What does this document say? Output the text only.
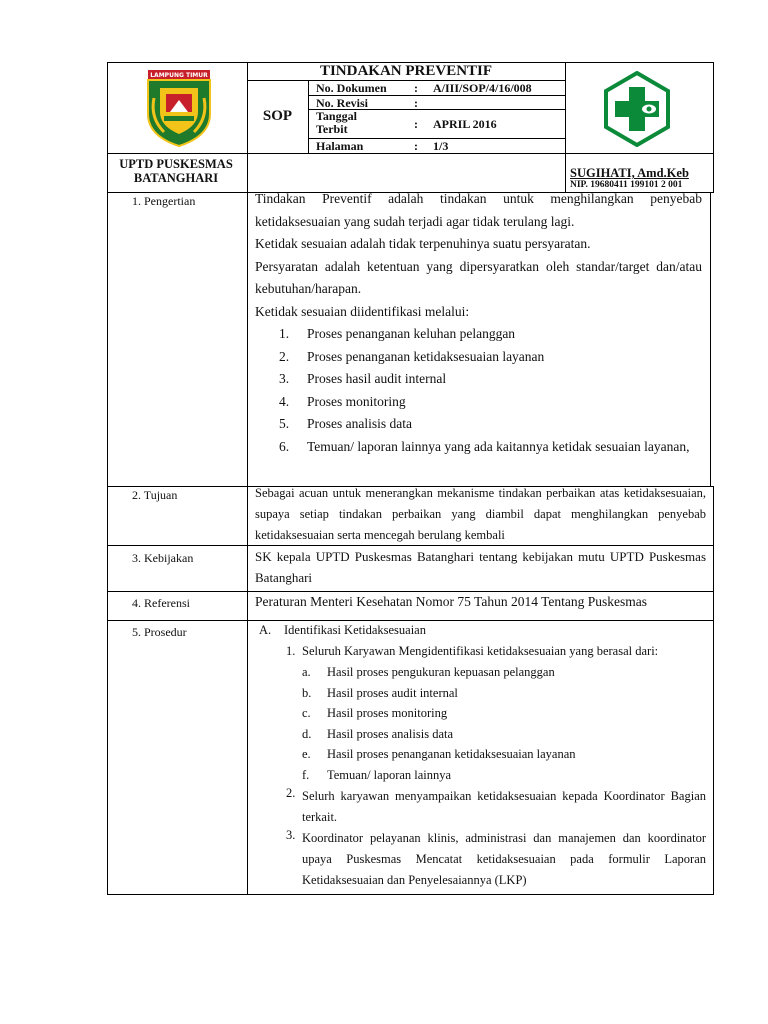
LAMPUNG TIMUR	TINDAKAN PREVENTIF
SOP
No. Dokumen : A/III/SOP/4/16/008
No. Revisi	:
Tanggal Terbit	: APRIL 2016
Halaman	: 1/3
UPTD PUSKESMAS BATANGHARI	SUGIHATI, Amd.Keb
NIP. 19680411 199101 2 001
1. Pengertian	Tindakan Preventif adalah tindakan untuk menghilangkan penyebab ketidaksesuaian yang sudah terjadi agar tidak terulang lagi.

Ketidak sesuaian adalah tidak terpenuhinya suatu persyaratan.

Persyaratan adalah ketentuan yang dipersyaratkan oleh standar/target dan/atau kebutuhan/harapan.

Ketidak sesuaian diidentifikasi melalui:

1. Proses penanganan keluhan pelanggan
2. Proses penanganan ketidaksesuaian layanan
3. Proses hasil audit internal
4. Proses monitoring
5. Proses analisis data
6. Temuan/ laporan lainnya yang ada kaitannya ketidak sesuaian layanan,
2. Tujuan	Sebagai acuan untuk menerangkan mekanisme tindakan perbaikan atas ketidaksesuaian, supaya setiap tindakan perbaikan yang diambil dapat menghilangkan penyebab ketidaksesuaian serta mencegah berulang kembali
3. Kebijakan	SK kepala UPTD Puskesmas Batanghari tentang kebijakan mutu UPTD Puskesmas Batanghari
4. Referensi	Peraturan Menteri Kesehatan Nomor 75 Tahun 2014 Tentang Puskesmas
5. Prosedur	A. Identifikasi Ketidaksesuaian
1. Seluruh Karyawan Mengidentifikasi ketidaksesuaian yang berasal dari:
a. Hasil proses pengukuran kepuasan pelanggan
b. Hasil proses audit internal
c. Hasil proses monitoring
d. Hasil proses analisis data
e. Hasil proses penanganan ketidaksesuaian layanan
f. Temuan/ laporan lainnya
2. Selurh karyawan menyampaikan ketidaksesuaian kepada Koordinator Bagian terkait.
3. Koordinator pelayanan klinis, administrasi dan manajemen dan koordinator upaya Puskesmas Mencatat ketidaksesuaian pada formulir Laporan Ketidaksesuaian dan Penyelesaiannya (LKP)
